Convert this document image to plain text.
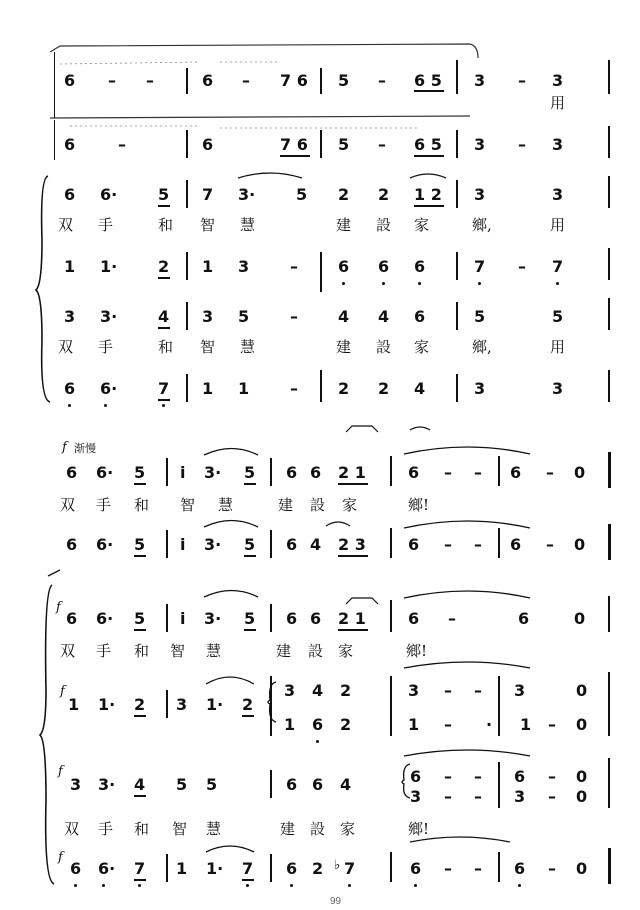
6 – –	6 – 7 6 5 – 6 5 3 – 3
用
6	–	6	7 6 5 – 6 5 3 – 3
6 6·	5 7 3·	5 2 2 1 2 3	3
双 手	和 智 慧	建 設 家	鄉,	用
1 1·	2 1 3	–	6 6 6	7 – 7
3 3·	4 3 5	–	4 4 6	5	5
双 手	和 智 慧	建 設 家	鄉,	用
6 6·	7 1 1	–	2 2 4	3	3
f 渐慢
6 6· 5 i 3· 5 6 6 2 1	6 – – 6 – 0
双 手 和 智 慧	建 設 家	鄉!
6 6· 5 i 3· 5 6 4 2 3	6 – – 6 – 0
f
6 6· 5 i 3· 5 6 6 2 1	6 –	6	0
双 手 和 智 慧	建 設 家	鄉!
f
1 1· 2 3 1· 2
3 4 2	3 – – 3	0
1 6 2	1 – · 1 – 0
f
3 3· 4 5 5	6 6 4	6 – – 6 – 0
3 – – 3 – 0
双 手 和 智 慧	建 設 家	鄉!
f
6 6· 7 1 1· 7 6 2 7	6 – – 6 – 0
♭
99
